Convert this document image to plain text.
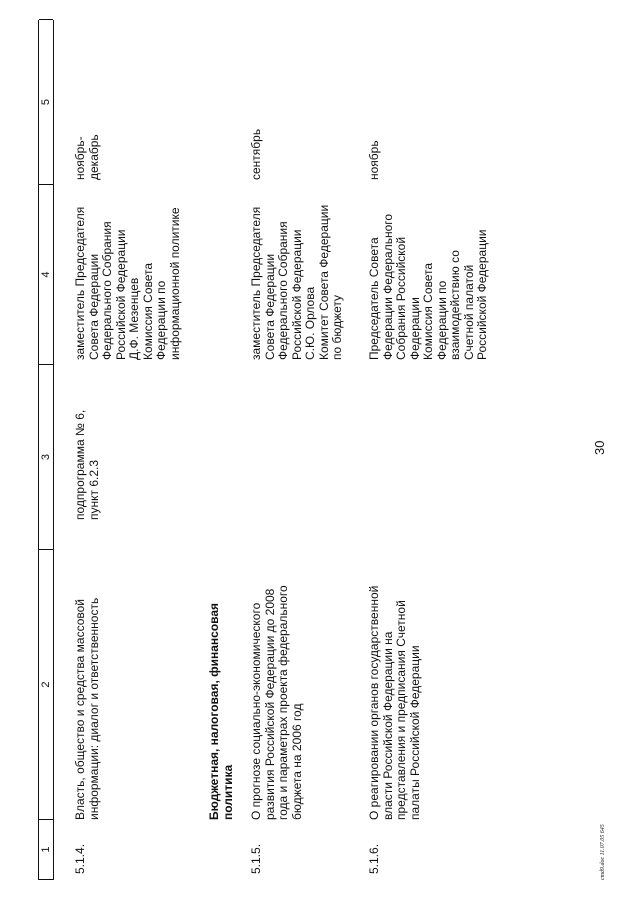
30
1
2
3
4
5
5.1.4.
Власть, общество и средства массовой
информации: диалог и ответственность
подпрограмма № 6,
пункт 6.2.3
заместитель Председателя
Совета Федерации
Федерального Собрания
Российской Федерации
Д.Ф. Мезенцев
Комиссия Совета
Федерации по
информационной политике
ноябрь-
декабрь
Бюджетная, налоговая, финансовая
политика
5.1.5.
О прогнозе социально-экономического
развития Российской Федерации до 2008
года и параметрах проекта федерального
бюджета на 2006 год
заместитель Председателя
Совета Федерации
Федерального Собрания
Российской Федерации
С.Ю. Орлова
Комитет Совета Федерации
по бюджету
сентябрь
5.1.6.
О реагировании органов государственной
власти Российской Федерации на
представления и предписания Счетной
палаты Российской Федерации
Председатель Совета
Федерации Федерального
Собрания Российской
Федерации
Комиссия Совета
Федерации по
взаимодействию со
Счетной палатой
Российской Федерации
ноябрь
cmd9.doc 11.07.05 645
